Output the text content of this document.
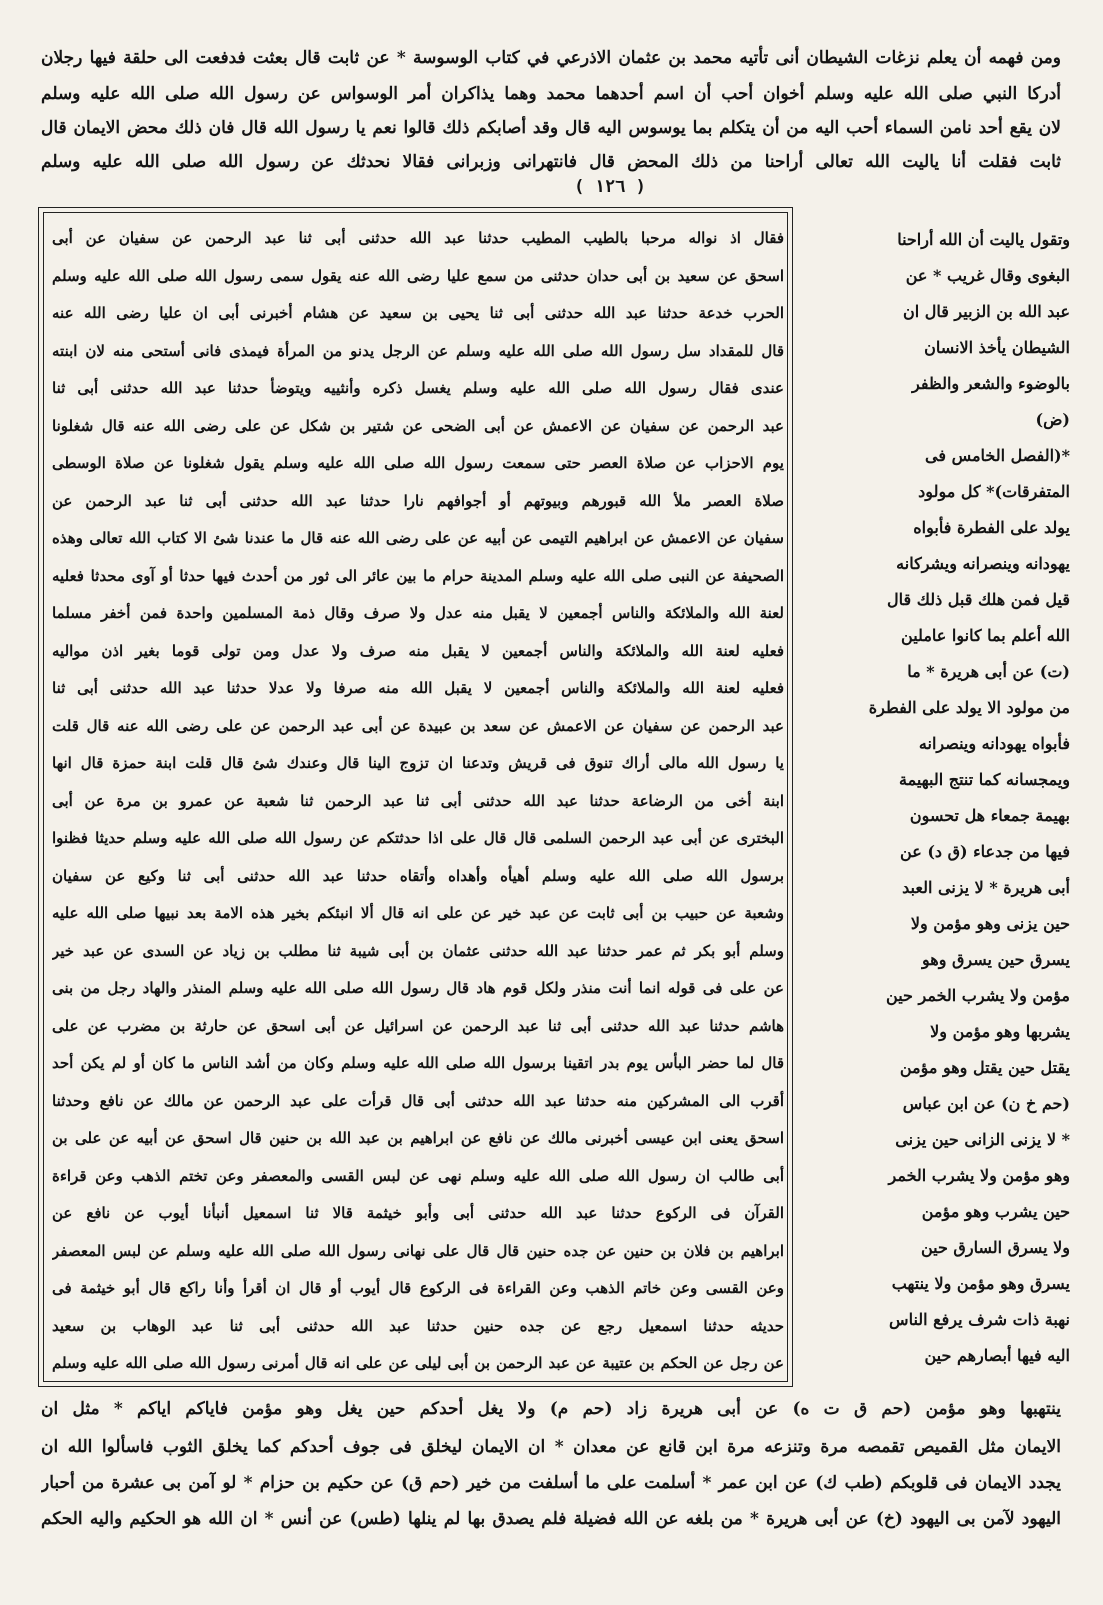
ومن فهمه أن يعلم نزغات الشيطان أنى تأتيه محمد بن عثمان الاذرعي في كتاب الوسوسة * عن ثابت قال بعثت فدفعت الى حلقة فيها رجلان
أدركا النبي صلى الله عليه وسلم أخوان أحب أن اسم أحدهما محمد وهما يذاكران أمر الوسواس عن رسول الله صلى الله عليه وسلم
لان يقع أحد نامن السماء أحب اليه من أن يتكلم بما يوسوس اليه قال وقد أصابكم ذلك قالوا نعم يا رسول الله قال فان ذلك محض الايمان قال
ثابت فقلت أنا ياليت الله تعالى أراحنا من ذلك المحض قال فانتهرانى وزبرانى فقالا نحدثك عن رسول الله صلى الله عليه وسلم
( ١٢٦ )
فقال اذ نواله مرحبا بالطيب المطيب حدثنا عبد الله حدثنى أبى ثنا عبد الرحمن عن سفيان عن أبى
اسحق عن سعيد بن أبى حدان حدثنى من سمع عليا رضى الله عنه يقول سمى رسول الله صلى الله عليه وسلم
الحرب خدعة حدثنا عبد الله حدثنى أبى ثنا يحيى بن سعيد عن هشام أخبرنى أبى ان عليا رضى الله عنه
قال للمقداد سل رسول الله صلى الله عليه وسلم عن الرجل يدنو من المرأة فيمذى فانى أستحى منه لان ابنته
عندى فقال رسول الله صلى الله عليه وسلم يغسل ذكره وأنثييه ويتوضأ حدثنا عبد الله حدثنى أبى ثنا
عبد الرحمن عن سفيان عن الاعمش عن أبى الضحى عن شتير بن شكل عن على رضى الله عنه قال شغلونا
يوم الاحزاب عن صلاة العصر حتى سمعت رسول الله صلى الله عليه وسلم يقول شغلونا عن صلاة الوسطى
صلاة العصر ملأ الله قبورهم وبيوتهم أو أجوافهم نارا حدثنا عبد الله حدثنى أبى ثنا عبد الرحمن عن
سفيان عن الاعمش عن ابراهيم التيمى عن أبيه عن على رضى الله عنه قال ما عندنا شئ الا كتاب الله تعالى وهذه
الصحيفة عن النبى صلى الله عليه وسلم المدينة حرام ما بين عائر الى ثور من أحدث فيها حدثا أو آوى محدثا فعليه
لعنة الله والملائكة والناس أجمعين لا يقبل منه عدل ولا صرف وقال ذمة المسلمين واحدة فمن أخفر مسلما
فعليه لعنة الله والملائكة والناس أجمعين لا يقبل منه صرف ولا عدل ومن تولى قوما بغير اذن مواليه
فعليه لعنة الله والملائكة والناس أجمعين لا يقبل الله منه صرفا ولا عدلا حدثنا عبد الله حدثنى أبى ثنا
عبد الرحمن عن سفيان عن الاعمش عن سعد بن عبيدة عن أبى عبد الرحمن عن على رضى الله عنه قال قلت
يا رسول الله مالى أراك تنوق فى قريش وتدعنا ان تزوج الينا قال وعندك شئ قال قلت ابنة حمزة قال انها
ابنة أخى من الرضاعة حدثنا عبد الله حدثنى أبى ثنا عبد الرحمن ثنا شعبة عن عمرو بن مرة عن أبى
البخترى عن أبى عبد الرحمن السلمى قال قال على اذا حدثتكم عن رسول الله صلى الله عليه وسلم حديثا فظنوا
برسول الله صلى الله عليه وسلم أهيأه وأهداه وأتقاه حدثنا عبد الله حدثنى أبى ثنا وكيع عن سفيان
وشعبة عن حبيب بن أبى ثابت عن عبد خير عن على انه قال ألا انبئكم بخير هذه الامة بعد نبيها صلى الله عليه
وسلم أبو بكر ثم عمر حدثنا عبد الله حدثنى عثمان بن أبى شيبة ثنا مطلب بن زياد عن السدى عن عبد خير
عن على فى قوله انما أنت منذر ولكل قوم هاد قال رسول الله صلى الله عليه وسلم المنذر والهاد رجل من بنى
هاشم حدثنا عبد الله حدثنى أبى ثنا عبد الرحمن عن اسرائيل عن أبى اسحق عن حارثة بن مضرب عن على
قال لما حضر البأس يوم بدر اتقينا برسول الله صلى الله عليه وسلم وكان من أشد الناس ما كان أو لم يكن أحد
أقرب الى المشركين منه حدثنا عبد الله حدثنى أبى قال قرأت على عبد الرحمن عن مالك عن نافع وحدثنا
اسحق يعنى ابن عيسى أخبرنى مالك عن نافع عن ابراهيم بن عبد الله بن حنين قال اسحق عن أبيه عن على بن
أبى طالب ان رسول الله صلى الله عليه وسلم نهى عن لبس القسى والمعصفر وعن تختم الذهب وعن قراءة
القرآن فى الركوع حدثنا عبد الله حدثنى أبى وأبو خيثمة قالا ثنا اسمعيل أنبأنا أيوب عن نافع عن
ابراهيم بن فلان بن حنين عن جده حنين قال قال على نهانى رسول الله صلى الله عليه وسلم عن لبس المعصفر
وعن القسى وعن خاتم الذهب وعن القراءة فى الركوع قال أيوب أو قال ان أقرأ وأنا راكع قال أبو خيثمة فى
حديثه حدثنا اسمعيل رجع عن جده حنين حدثنا عبد الله حدثنى أبى ثنا عبد الوهاب بن سعيد
عن رجل عن الحكم بن عتيبة عن عبد الرحمن بن أبى ليلى عن على انه قال أمرنى رسول الله صلى الله عليه وسلم
وتقول ياليت أن الله أراحنا
البغوى وقال غريب * عن
عبد الله بن الزبير قال ان
الشيطان يأخذ الانسان
بالوضوء والشعر والظفر
(ض)
*(الفصل الخامس فى
المتفرقات)* كل مولود
يولد على الفطرة فأبواه
يهودانه وينصرانه ويشركانه
قيل فمن هلك قبل ذلك قال
الله أعلم بما كانوا عاملين
(ت) عن أبى هريرة * ما
من مولود الا يولد على الفطرة
فأبواه يهودانه وينصرانه
ويمجسانه كما تنتج البهيمة
بهيمة جمعاء هل تحسون
فيها من جدعاء (ق د) عن
أبى هريرة * لا يزنى العبد
حين يزنى وهو مؤمن ولا
يسرق حين يسرق وهو
مؤمن ولا يشرب الخمر حين
يشربها وهو مؤمن ولا
يقتل حين يقتل وهو مؤمن
(حم خ ن) عن ابن عباس
* لا يزنى الزانى حين يزنى
وهو مؤمن ولا يشرب الخمر
حين يشرب وهو مؤمن
ولا يسرق السارق حين
يسرق وهو مؤمن ولا ينتهب
نهبة ذات شرف يرفع الناس
اليه فيها أبصارهم حين
ينتهبها وهو مؤمن (حم ق ت ه) عن أبى هريرة زاد (حم م) ولا يغل أحدكم حين يغل وهو مؤمن فاياكم اياكم * مثل ان
الايمان مثل القميص تقمصه مرة وتنزعه مرة ابن قانع عن معدان * ان الايمان ليخلق فى جوف أحدكم كما يخلق الثوب فاسألوا الله ان
يجدد الايمان فى قلوبكم (طب ك) عن ابن عمر * أسلمت على ما أسلفت من خير (حم ق) عن حكيم بن حزام * لو آمن بى عشرة من أحبار
اليهود لآمن بى اليهود (خ) عن أبى هريرة * من بلغه عن الله فضيلة فلم يصدق بها لم ينلها (طس) عن أنس * ان الله هو الحكيم واليه الحكم
